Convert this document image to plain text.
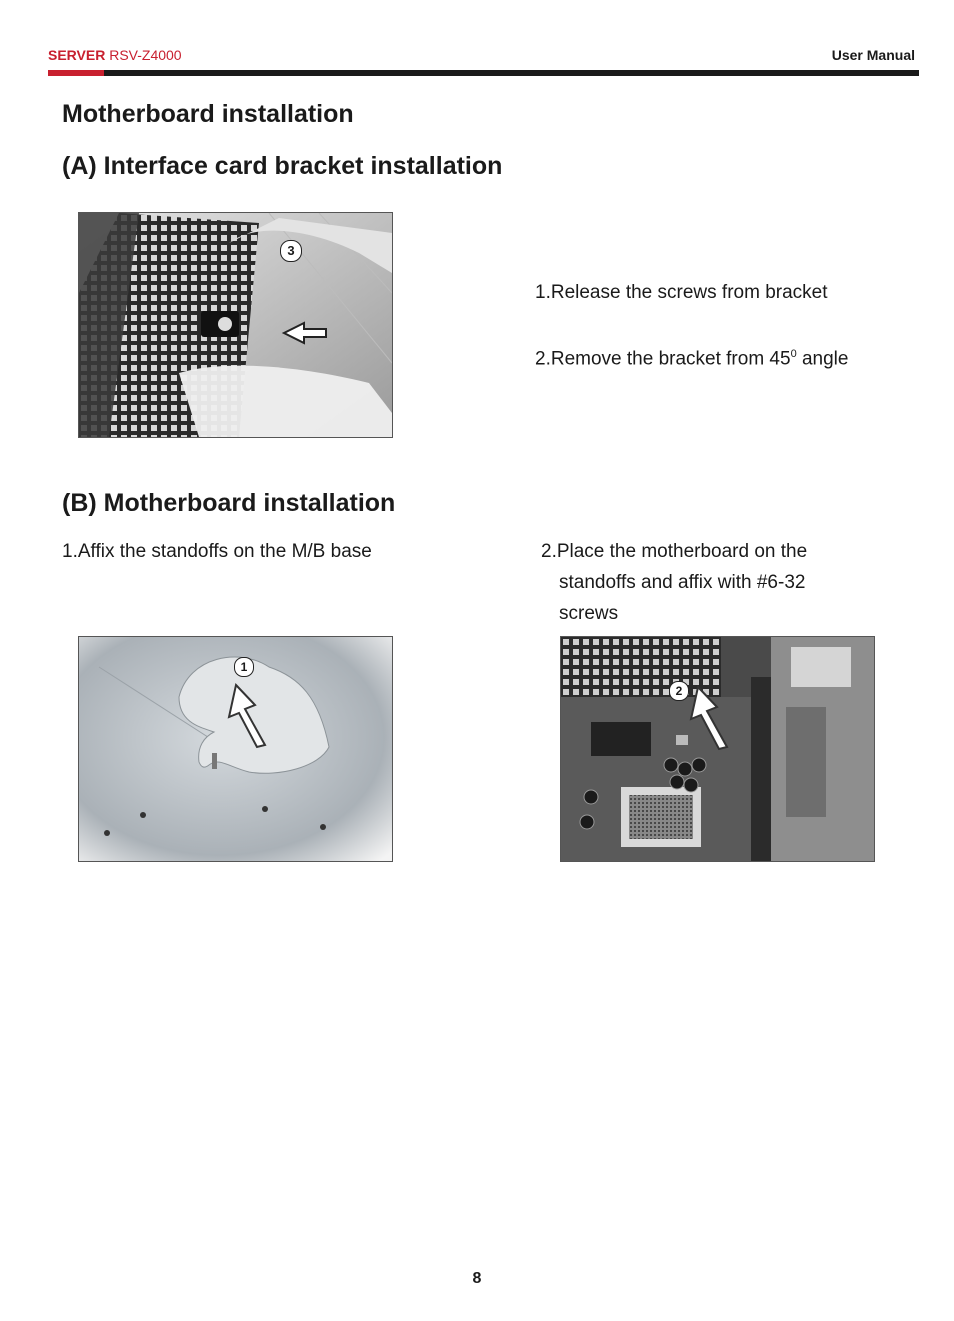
SERVER RSV-Z4000	User Manual
Motherboard installation
(A) Interface card bracket installation
3
1.Release the screws from bracket
2.Remove the bracket from $45^0$ angle
(B) Motherboard installation
1.Affix the standoffs on the M/B base	2.Place the motherboard on the
standoffs and affix with #6-32
screws
1
2
8
